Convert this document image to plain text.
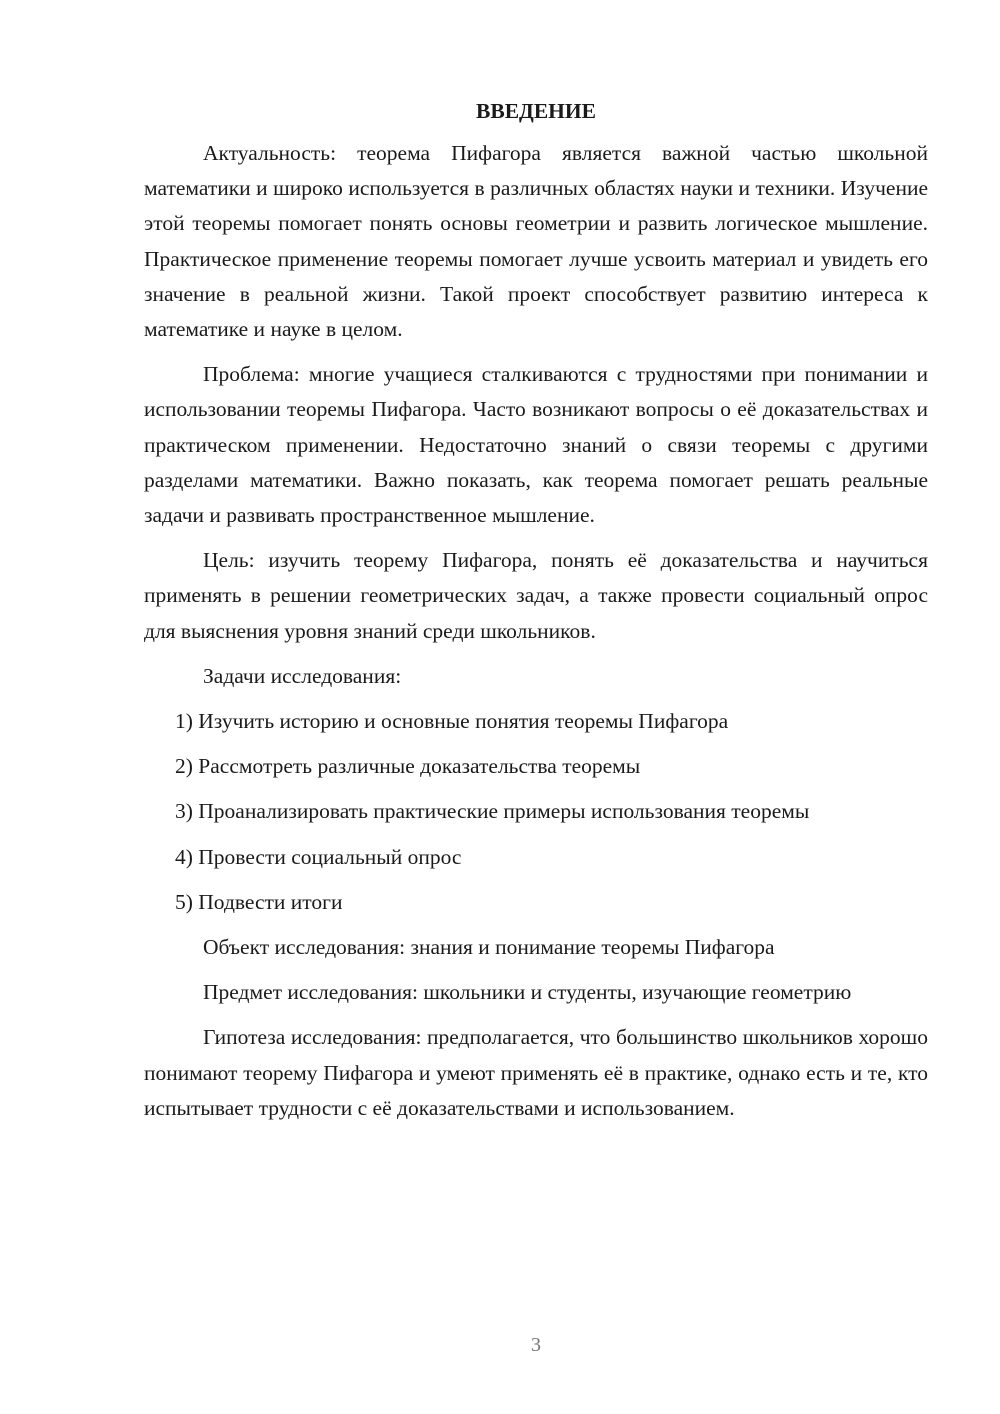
ВВЕДЕНИЕ

Актуальность: теорема Пифагора является важной частью школьной математики и широко используется в различных областях науки и техники. Изучение этой теоремы помогает понять основы геометрии и развить логическое мышление. Практическое применение теоремы помогает лучше усвоить материал и увидеть его значение в реальной жизни. Такой проект способствует развитию интереса к математике и науке в целом.

Проблема: многие учащиеся сталкиваются с трудностями при понимании и использовании теоремы Пифагора. Часто возникают вопросы о её доказательствах и практическом применении. Недостаточно знаний о связи теоремы с другими разделами математики. Важно показать, как теорема помогает решать реальные задачи и развивать пространственное мышление.

Цель: изучить теорему Пифагора, понять её доказательства и научиться применять в решении геометрических задач, а также провести социальный опрос для выяснения уровня знаний среди школьников.

Задачи исследования:

1) Изучить историю и основные понятия теоремы Пифагора

2) Рассмотреть различные доказательства теоремы

3) Проанализировать практические примеры использования теоремы

4) Провести социальный опрос

5) Подвести итоги

Объект исследования: знания и понимание теоремы Пифагора

Предмет исследования: школьники и студенты, изучающие геометрию

Гипотеза исследования: предполагается, что большинство школьников хорошо понимают теорему Пифагора и умеют применять её в практике, однако есть и те, кто испытывает трудности с её доказательствами и использованием.

3
